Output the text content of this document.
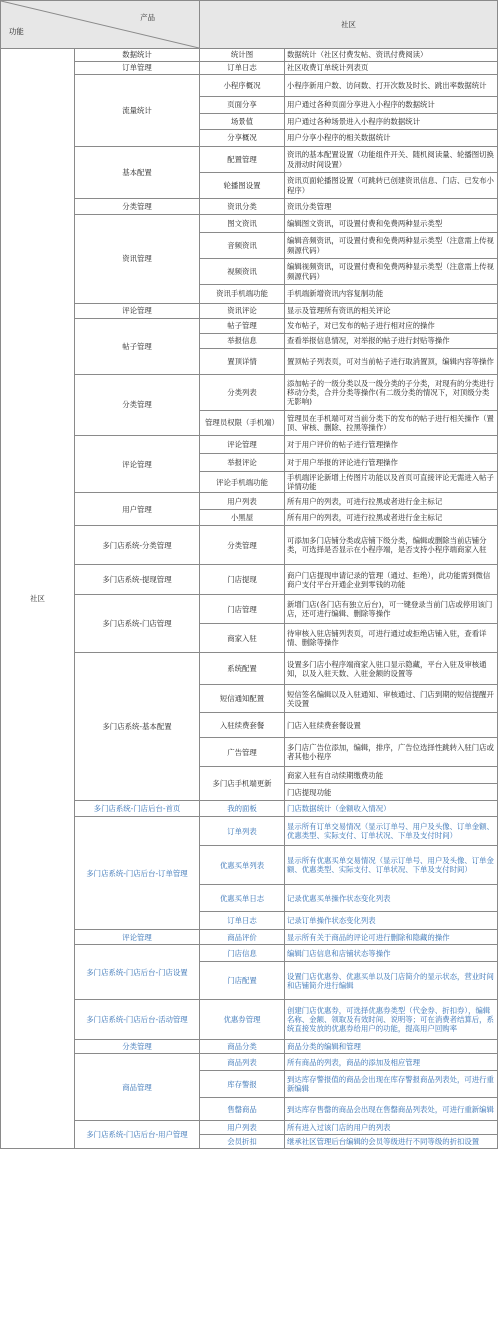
产品
功能		社区	
社区	数据统计	统计图	数据统计（社区付费发帖、资讯付费阅读）
	订单管理	订单日志	社区收费订单统计列表页
	流量统计	小程序概况	小程序新用户数、访问数、打开次数及时长、跳出率数据统计
		页面分享	用户通过各种页面分享进入小程序的数据统计
		场景值	用户通过各种场景进入小程序的数据统计
		分享概况	用户分享小程序的相关数据统计
	基本配置	配置管理	资讯的基本配置设置（功能组件开关、随机阅读量、轮播图切换及滑动时间设置）
		轮播图设置	资讯页面轮播图设置（可跳转已创建资讯信息、门店、已发布小程序）
	分类管理	资讯分类	资讯分类管理
	资讯管理	图文资讯	编辑图文资讯，可设置付费和免费两种显示类型
		音频资讯	编辑音频资讯，可设置付费和免费两种显示类型（注意需上传视频源代码）
		视频资讯	编辑视频资讯，可设置付费和免费两种显示类型（注意需上传视频源代码）
		资讯手机端功能	手机端新增资讯内容复制功能
	评论管理	资讯评论	显示及管理所有资讯的相关评论
	帖子管理	帖子管理	发布帖子，对已发布的帖子进行相对应的操作
		举报信息	查看举报信息情况，对举报的帖子进行封贴等操作
		置顶详情	置顶帖子列表页，可对当前帖子进行取消置顶，编辑内容等操作
	分类管理	分类列表	添加帖子的一级分类以及一级分类的子分类，对现有的分类进行移动分类，合并分类等操作(有二级分类的情况下，对顶级分类无影响)
		管理员权限（手机端）	管理员在手机端可对当前分类下的发布的帖子进行相关操作（置顶、审核、删除、拉黑等操作）
	评论管理	评论管理	对于用户评价的帖子进行管理操作
		举报评论	对于用户举报的评论进行管理操作
		评论手机端功能	手机端评论新增上传图片功能以及首页可直接评论无需进入帖子详情功能
	用户管理	用户列表	所有用户的列表，可进行拉黑或者进行金主标记
		小黑屋	所有用户的列表，可进行拉黑或者进行金主标记
	多门店系统-分类管理	分类管理	可添加多门店铺分类或店铺下级分类，编辑或删除当前店铺分类，可选择是否显示在小程序端，是否支持小程序端商家入驻
	多门店系统-提现管理	门店提现	商户门店提现申请记录的管理（通过、拒绝），此功能需到微信商户支付平台开通企业到零钱的功能
	多门店系统-门店管理	门店管理	新增门店(各门店有独立后台)，可一键登录当前门店或停用该门店，还可进行编辑、删除等操作
		商家入驻	待审核入驻店铺列表页，可进行通过或拒绝店铺入驻，查看详情、删除等操作
	多门店系统-基本配置	系统配置	设置多门店小程序端商家入驻口显示隐藏，平台入驻及审核通知，以及入驻天数、入驻金额的设置等
		短信通知配置	短信签名编辑以及入驻通知、审核通过、门店到期的短信提醒开关设置
		入驻续费套餐	门店入驻续费套餐设置
		广告管理	多门店广告位添加，编辑，排序，广告位选择性跳转入驻门店或者其他小程序
		多门店手机端更新	商家入驻有自动续期缴费功能
			门店提现功能
	多门店系统-门店后台-首页	我的面板	门店数据统计（金额收入情况）
	多门店系统-门店后台-订单管理	订单列表	显示所有订单交易情况（显示订单号、用户及头像、订单金额、优惠类型、实际支付、订单状况、下单及支付时间）
		优惠买单列表	显示所有优惠买单交易情况（显示订单号、用户及头像、订单金额、优惠类型、实际支付、订单状况、下单及支付时间）
		优惠买单日志	记录优惠买单操作状态变化列表
		订单日志	记录订单操作状态变化列表
	评论管理	商品评价	显示所有关于商品的评论可进行删除和隐藏的操作
	多门店系统-门店后台-门店设置	门店信息	编辑门店信息和店铺状态等操作
		门店配置	设置门店优惠券、优惠买单以及门店简介的显示状态，营业时间和店铺简介进行编辑
	多门店系统-门店后台-活动管理	优惠券管理	创建门店优惠券，可选择优惠券类型（代金券、折扣券），编辑名称、金额、领取及有效时间、说明等；可在消费者结算后，系统直接发放的优惠券给用户的功能，提高用户回购率
	分类管理	商品分类	商品分类的编辑和管理
	商品管理	商品列表	所有商品的列表，商品的添加及相应管理
		库存警报	到达库存警报值的商品会出现在库存警报商品列表处，可进行重新编辑
		售罄商品	到达库存售罄的商品会出现在售罄商品列表处，可进行重新编辑
	多门店系统-门店后台-用户管理	用户列表	所有进入过该门店的用户的列表
		会员折扣	继承社区管理后台编辑的会员等级进行不同等级的折扣设置
